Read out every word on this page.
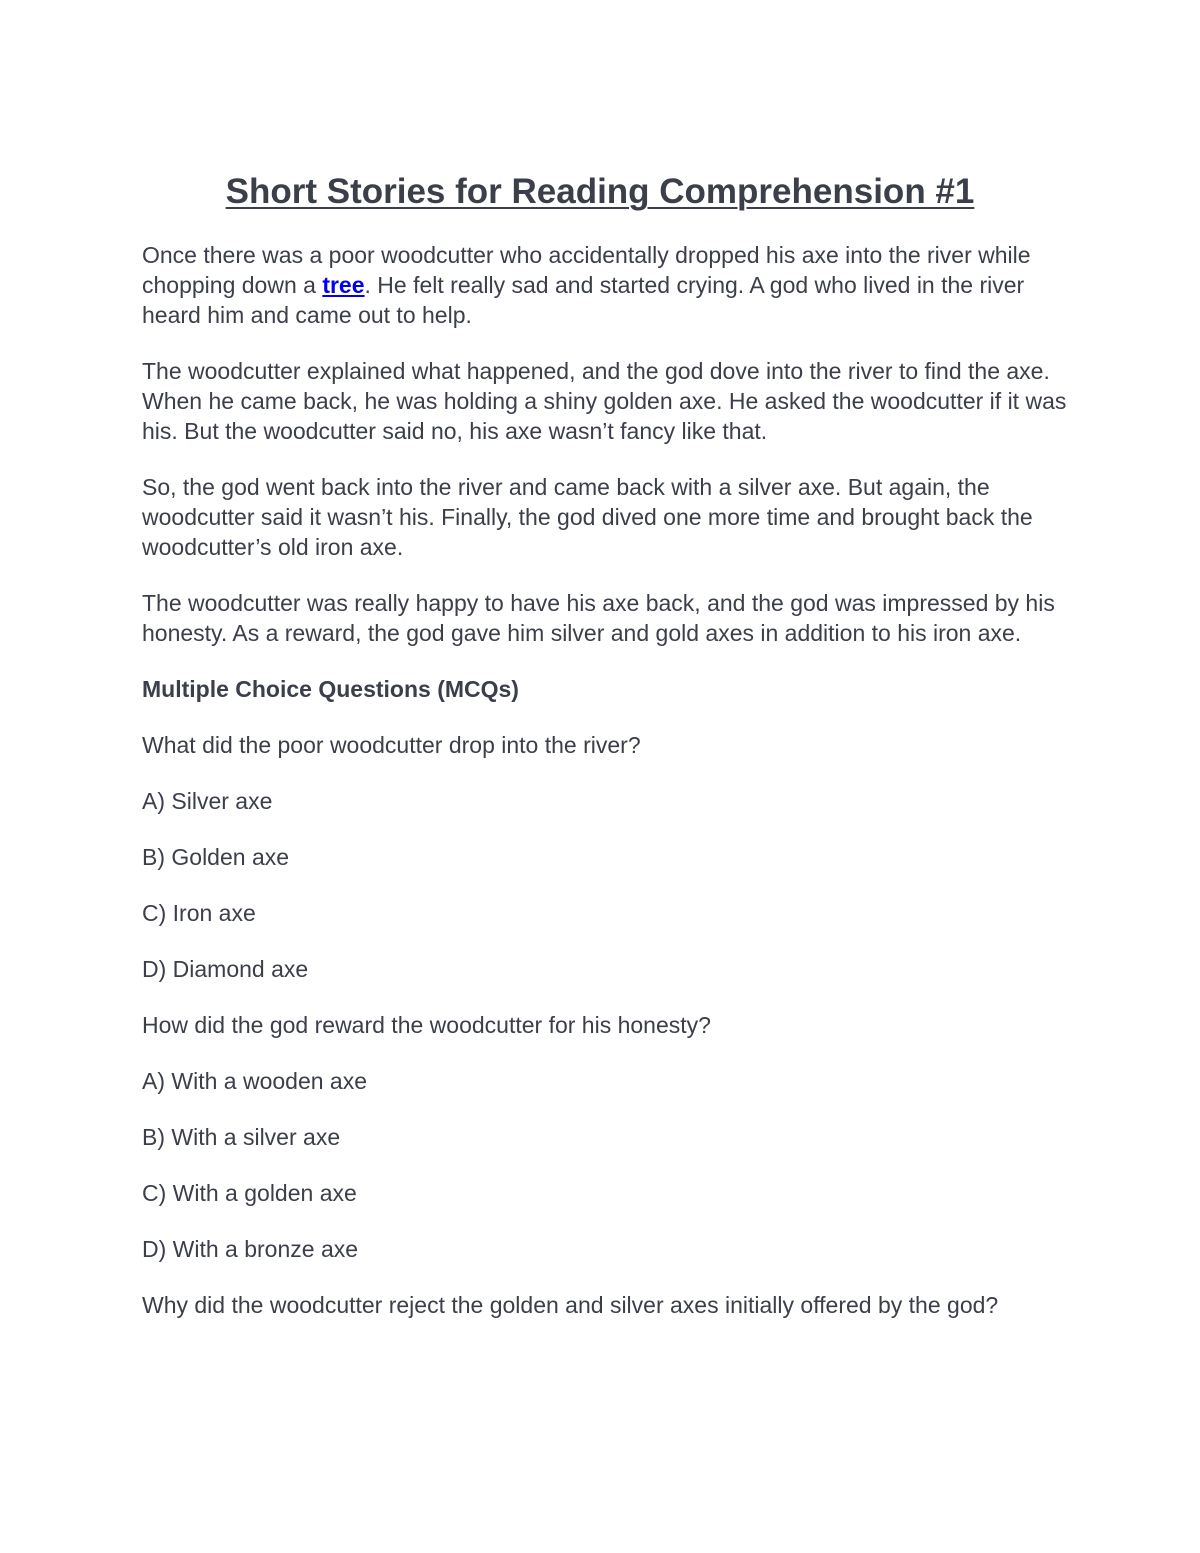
Short Stories for Reading Comprehension #1

Once there was a poor woodcutter who accidentally dropped his axe into the river while chopping down a tree. He felt really sad and started crying. A god who lived in the river heard him and came out to help.

The woodcutter explained what happened, and the god dove into the river to find the axe. When he came back, he was holding a shiny golden axe. He asked the woodcutter if it was his. But the woodcutter said no, his axe wasn’t fancy like that.

So, the god went back into the river and came back with a silver axe. But again, the woodcutter said it wasn’t his. Finally, the god dived one more time and brought back the woodcutter’s old iron axe.

The woodcutter was really happy to have his axe back, and the god was impressed by his honesty. As a reward, the god gave him silver and gold axes in addition to his iron axe.

Multiple Choice Questions (MCQs)

What did the poor woodcutter drop into the river?

A) Silver axe

B) Golden axe

C) Iron axe

D) Diamond axe

How did the god reward the woodcutter for his honesty?

A) With a wooden axe

B) With a silver axe

C) With a golden axe

D) With a bronze axe

Why did the woodcutter reject the golden and silver axes initially offered by the god?
